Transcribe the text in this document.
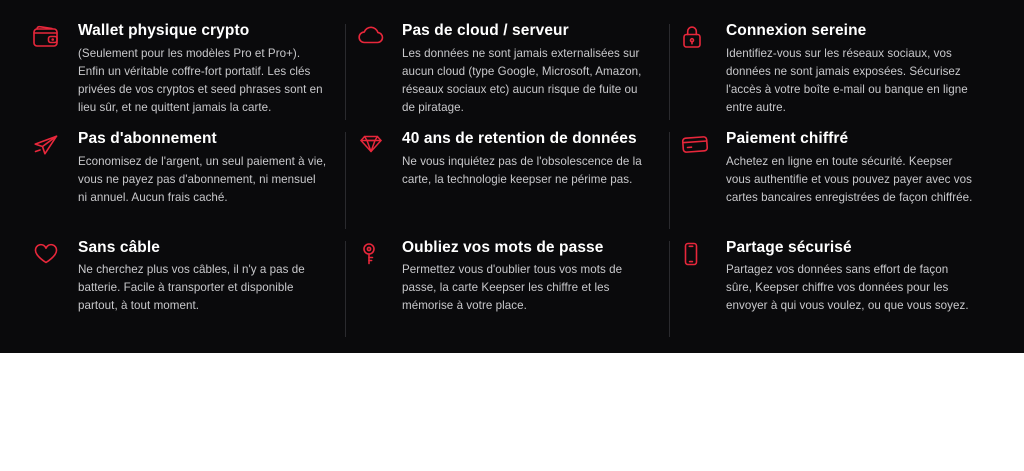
Wallet physique crypto

(Seulement pour les modèles Pro et Pro+). Enfin un véritable coffre-fort portatif. Les clés privées de vos cryptos et seed phrases sont en lieu sûr, et ne quittent jamais la carte.

Pas de cloud / serveur

Les données ne sont jamais externalisées sur aucun cloud (type Google, Microsoft, Amazon, réseaux sociaux etc) aucun risque de fuite ou de piratage.

Connexion sereine

Identifiez-vous sur les réseaux sociaux, vos données ne sont jamais exposées. Sécurisez l'accès à votre boîte e-mail ou banque en ligne entre autre.

Pas d'abonnement

Economisez de l'argent, un seul paiement à vie, vous ne payez pas d'abonnement, ni mensuel ni annuel. Aucun frais caché.

40 ans de retention de données

Ne vous inquiétez pas de l'obsolescence de la carte, la technologie keepser ne périme pas.

Paiement chiffré

Achetez en ligne en toute sécurité. Keepser vous authentifie et vous pouvez payer avec vos cartes bancaires enregistrées de façon chiffrée.

Sans câble

Ne cherchez plus vos câbles, il n'y a pas de batterie. Facile à transporter et disponible partout, à tout moment.

Oubliez vos mots de passe

Permettez vous d'oublier tous vos mots de passe, la carte Keepser les chiffre et les mémorise à votre place.

Partage sécurisé

Partagez vos données sans effort de façon sûre, Keepser chiffre vos données pour les envoyer à qui vous voulez, ou que vous soyez.
